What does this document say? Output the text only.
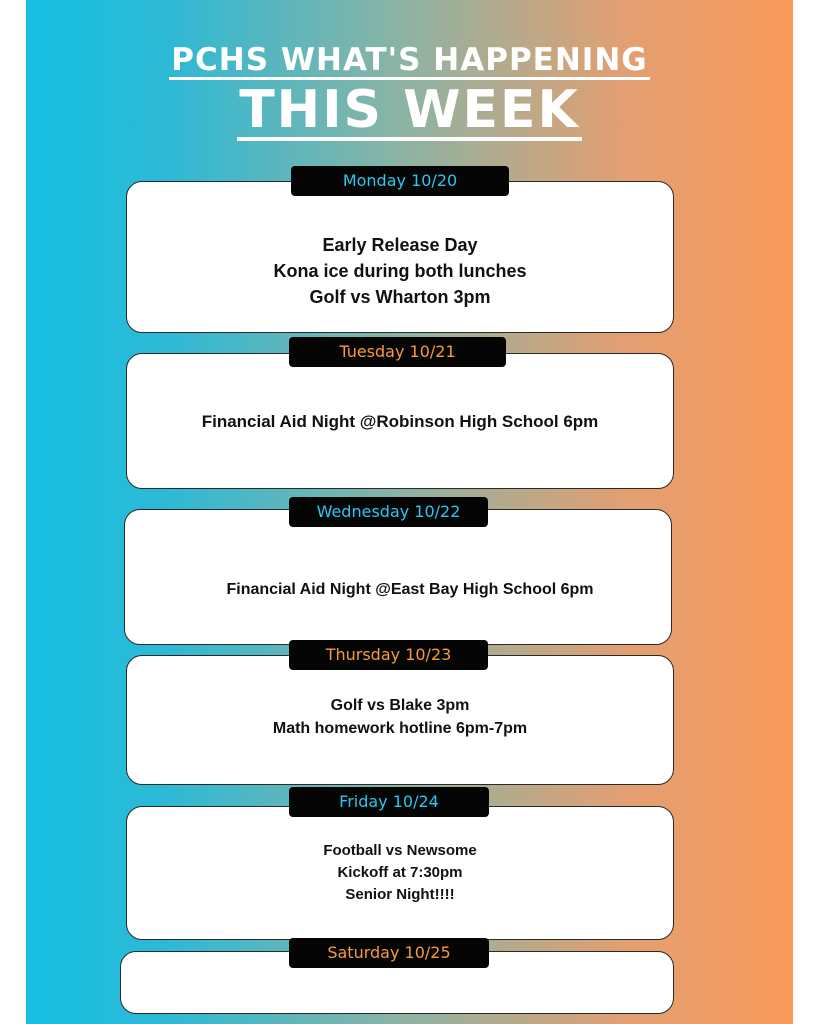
PCHS WHAT'S HAPPENING
THIS WEEK
Early Release Day
Kona ice during both lunches
Golf vs Wharton 3pm
Monday 10/20
Financial Aid Night @Robinson High School 6pm
Tuesday 10/21
Financial Aid Night @East Bay High School 6pm
Wednesday 10/22
Golf vs Blake 3pm
Math homework hotline 6pm-7pm
Thursday 10/23
Football vs Newsome
Kickoff at 7:30pm
Senior Night!!!!
Friday 10/24
Saturday 10/25
